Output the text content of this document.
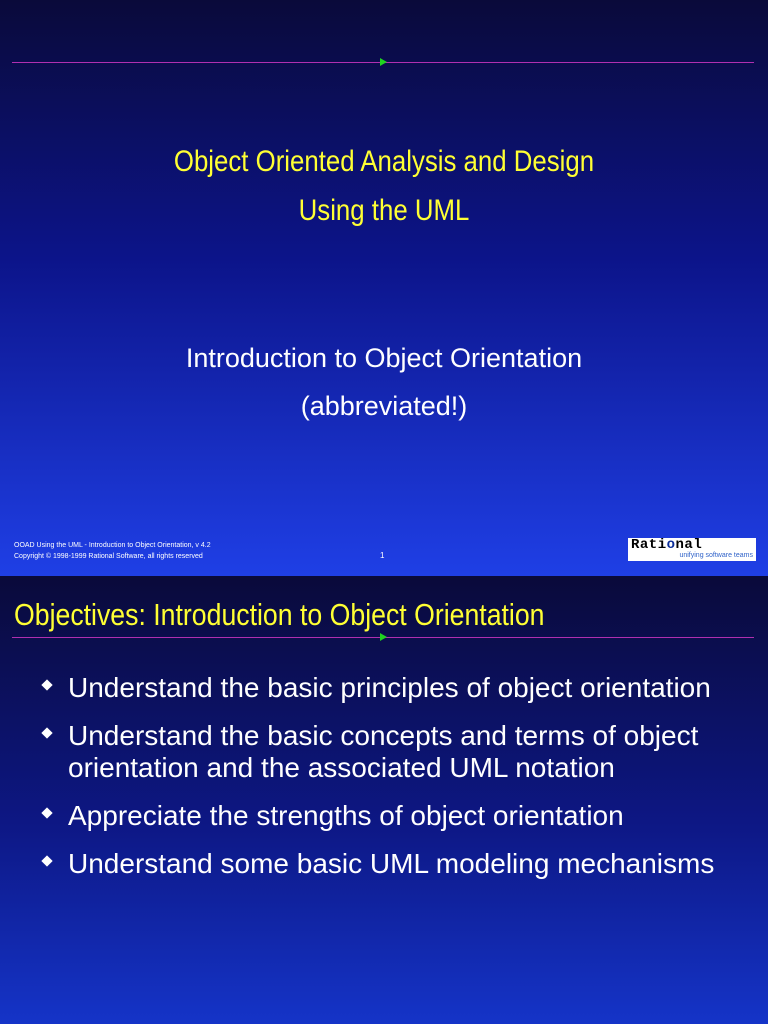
Object Oriented Analysis and Design
Using the UML
Introduction to Object Orientation
(abbreviated!)
OOAD Using the UML - Introduction to Object Orientation, v 4.2
Copyright © 1998-1999 Rational Software, all rights reserved	1
Rational
unifying software teams
Objectives: Introduction to Object Orientation
Understand the basic principles of object orientation
Understand the basic concepts and terms of object orientation and the associated UML notation
Appreciate the strengths of object orientation
Understand some basic UML modeling mechanisms
